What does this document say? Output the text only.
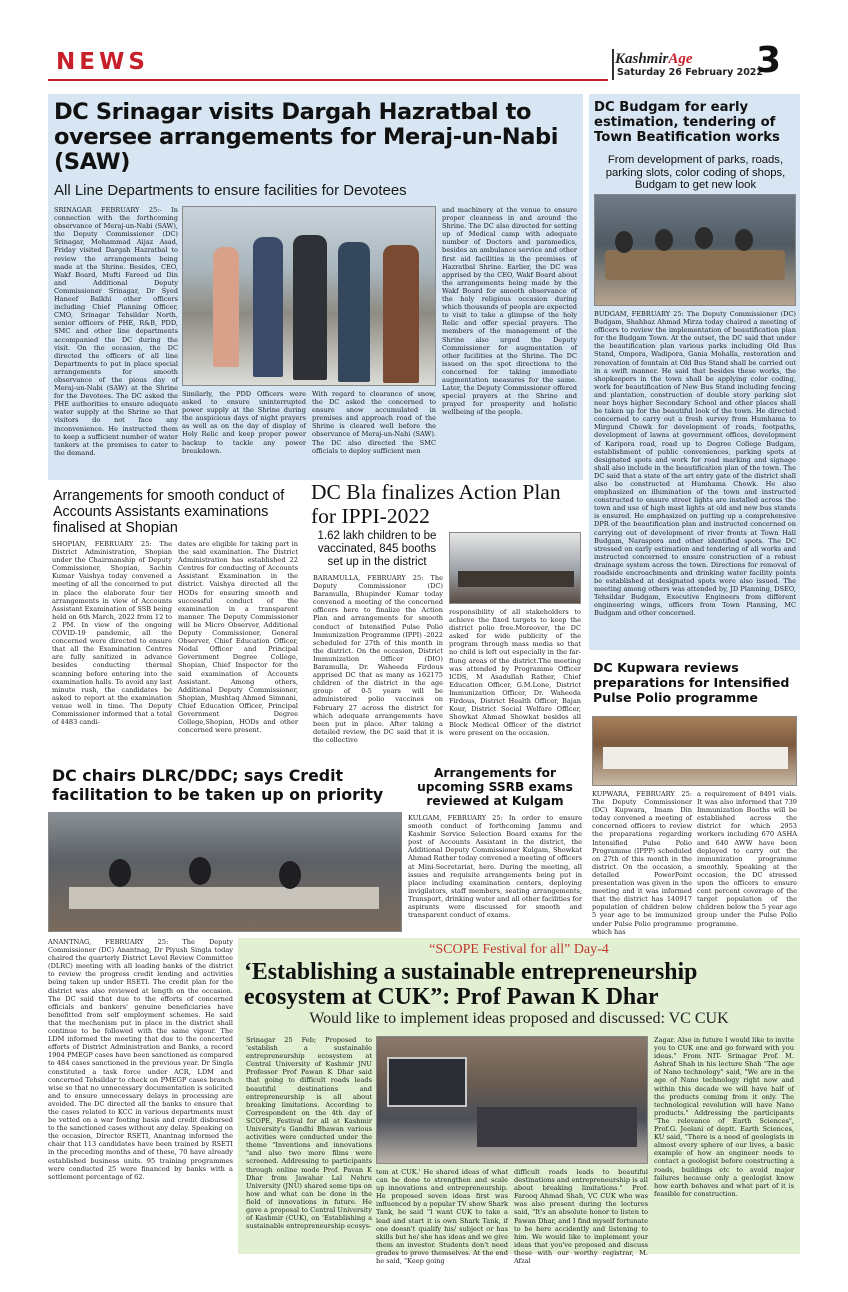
NEWS	KashmirAge
Saturday 26 February 2022
3
DC Srinagar visits Dargah Hazratbal to oversee arrangements for Meraj-un-Nabi (SAW)
All Line Departments to ensure facilities for Devotees
SRINAGAR FEBRUARY 25:- In connection with the forthcoming observance of Meraj-un-Nabi (SAW), the Deputy Commissioner (DC) Srinagar, Mohammad Aijaz Asad, Friday visited Dargah Hazratbal to review the arrangements being made at the Shrine. Besides, CEO, Wakf Board, Mufti Fareed ud Din and Additional Deputy Commissioner Srinagar, Dr Syed Haneef Balkhi other officers including Chief Planning Officer, CMO, Srinagar Tehsildar North, senior officers of PHE, R&B, PDD, SMC and other line departments accompanied the DC during the visit. On the occasion, the DC directed the officers of all line Departments to put in place special arrangements for smooth observance of the pious day of Meraj-un-Nabi (SAW) at the Shrine for the Devotees. The DC asked the PHE authorities to ensure adequate water supply at the Shrine so that visitors do not face any inconvenience. He instructed them to keep a sufficient number of water tankers at the premises to cater to the demand.
Similarly, the PDD Officers were asked to ensure uninterrupted power supply at the Shrine during the auspicious days of night prayers as well as on the day of display of Holy Relic and keep proper power backup to tackle any power breakdown.
With regard to clearance of snow, the DC asked the concerned to ensure snow accumulated in premises and approach road of the Shrine is cleared well before the observance of Meraj-un-Nabi (SAW). The DC also directed the SMC officials to deploy sufficient men
and machinery at the venue to ensure proper cleanness in and around the Shrine. The DC also directed for setting up of Medical camp with adequate number of Doctors and paramedics, besides an ambulance service and other first aid facilities in the premises of Hazratbal Shrine. Earlier, the DC was apprised by the CEO, Wakf Board about the arrangements being made by the Wakf Board for smooth observance of the holy religious occasion during which thousands of people are expected to visit to take a glimpse of the holy Relic and offer special prayers. The members of the management of the Shrine also urged the Deputy Commissioner for augmentation of other facilities at the Shrine. The DC issued on the spot directions to the concerned for taking immediate augmentation measures for the same. Later, the Deputy Commissioner offered special prayers at the Shrine and prayed for prosperity and holistic wellbeing of the people.
DC Budgam for early estimation, tendering of Town Beatification works
From development of parks, roads, parking slots, color coding of shops, Budgam to get new look
BUDGAM, FEBRUARY 25: The Deputy Commissioner (DC) Budgam, Shahbaz Ahmad Mirza today chaired a meeting of officers to review the implementation of beautification plan for the Budgam Town. At the outset, the DC said that under the beautification plan various parks including Old Bus Stand, Ompora, Wadipora, Gania Mohalla, restoration and renovation of fountain at Old Bus Stand shall be carried out in a swift manner. He said that besides these works, the shopkeepers in the town shall be applying color coding, work for beautification of New Bus Stand including fencing and plantation, construction of double story parking slot near boys higher Secondary School and other places shall be taken up for the beautiful look of the town. He directed concerned to carry out a fresh survey from Humhama to Mirgund Chowk for development of roads, footpaths, development of lawns at government offices, development of Karipora road, road up to Degree College Budgam, establishment of public conveniences, parking spots at designated spots and work for road marking and signage shall also include in the beautification plan of the town. The DC said that a state of the art entry gate of the district shall also be constructed at Humhama Chowk. He also emphasized on illumination of the town and instructed constructed to ensure street lights are installed across the town and use of high mast lights at old and new bus stands is ensured. He emphasized on putting up a comprehensive DPR of the beautification plan and instructed concerned on carrying out of development of river fronts at Town Hall Budgam, Naraspora and other identified spots. The DC stressed on early estimation and tendering of all works and instructed concerned to ensure construction of a robust drainage system across the town. Directions for removal of roadside encroachments and drinking water facility points be established at designated spots were also issued. The meeting among others was attended by, JD Planning, DSEO, Tehsildar Budgam, Executive Engineers from different engineering wings, officers from Town Planning, MC Budgam and other concerned.
Arrangements for smooth conduct of Accounts Assistants examinations finalised at Shopian
SHOPIAN, FEBRUARY 25: The District Administration, Shopian under the Chairmanship of Deputy Commissioner, Shopian, Sachin Kumar Vaishya today convened a meeting of all the concerned to put in place the elaborate four tier arrangements in view of Accounts Assistant Examination of SSB being held on 6th March, 2022 from 12 to 2 PM. In view of the ongoing COVID-19 pandemic, all the concerned were directed to ensure that all the Examination Centres are fully sanitized in advance besides conducting thermal scanning before entering into the examination halls. To avoid any last minute rush, the candidates be asked to report at the examination venue well in time. The Deputy Commissioner informed that a total of 4483 candi-
dates are eligible for taking part in the said examination. The District Administration has established 22 Centres for conducting of Accounts Assistant Examination in the district. Vaishya directed all the HODs for ensuring smooth and successful conduct of the examination in a transparent manner. The Deputy Commissioner will be Micro Observer, Additional Deputy Commissioner, General Observer, Chief Education Officer, Nodal Officer and Principal Government Degree College, Shopian, Chief Inspector for the said examination of Accounts Assistant. Among others, Additional Deputy Commissioner, Shopian, Mushtaq Ahmed Simnani, Chief Education Officer, Principal Government Degree College,Shopian, HODs and other concerned were present.
DC Bla finalizes Action Plan for IPPI-2022
1.62 lakh children to be vaccinated, 845 booths set up in the district
BARAMULLA, FEBRUARY 25: The Deputy Commissioner (DC) Baramulla, Bhupinder Kumar today convened a meeting of the concerned officers here to finalize the Action Plan and arrangements for smooth conduct of Intensified Pulse Polio Immunization Programme (IPPI) -2022 scheduled for 27th of this month in the district. On the occasion, District Immunization Officer (DIO) Baramulla, Dr. Waheeda Firdous apprised DC that as many as 162175 children of the district in the age group of 0-5 years will be administered polio vaccines on February 27 across the district for which adequate arrangements have been put in place. After taking a detailed review, the DC said that it is the collective
responsibility of all stakeholders to achieve the fixed targets to keep the district polio free.Moreover, the DC asked for wide publicity of the program through mass media so that no child is left out especially in the far-flung areas of the district.The meeting was attended by Programme Officer ICDS, M Asadullah Rather, Chief Education Officer, G.M.Lone, District Immunization Officer, Dr. Waheeda Firdous, District Health Officer, Bajan Kour, District Social Welfare Officer, Showkat Ahmad Showkat besides all Block Medical Officer of the district were present on the occasion.
DC Kupwara reviews preparations for Intensified Pulse Polio programme
KUPWARA, FEBRUARY 25: The Deputy Commissioner (DC) Kupwara, Imam Din today convened a meeting of concerned officers to review the preparations regarding Intensified Pulse Polio Programme (IPPP) scheduled on 27th of this month in the district. On the occasion, a detailed PowerPoint presentation was given in the meeting and it was informed that the district has 140917 population of children below 5 year age to be immunized under Pulse Polio programme which has
a requirement of 8491 vials. It was also informed that 739 Immunization Booths will be established across the district for which 2953 workers including 670 ASHA and 640 AWW have been deployed to carry out the immunization programme smoothly. Speaking at the occasion, the DC stressed upon the officers to ensure cent percent coverage of the target population of the children below the 5 year age group under the Pulse Polio programme.
DC chairs DLRC/DDC; says Credit facilitation to be taken up on priority
Arrangements for upcoming SSRB exams reviewed at Kulgam
KULGAM, FEBRUARY 25: In order to ensure smooth conduct of forthcoming Jammu and Kashmir Service Selection Board exams for the post of Accounts Assistant in the district, the Additional Deputy Commissioner Kulgam, Showkat Ahmad Rather today convened a meeting of officers at Mini-Secretariat, here. During the meeting, all issues and requisite arrangements being put in place including examination centers, deploying invigilators, staff members, seating arrangements, Transport, drinking water and all other facilities for aspirants were discussed for smooth and transparent conduct of exams.
ANANTNAG, FEBRUARY 25: The Deputy Commissioner (DC) Anantnag, Dr Piyush Singla today chaired the quarterly District Level Review Committee (DLRC) meeting with all leading banks of the district to review the progress credit lending and activities being taken up under RSETI. The credit plan for the district was also reviewed at length on the occasion. The DC said that due to the efforts of concerned officials and bankers' genuine beneficiaries have benefitted from self employment schemes. He said that the mechanism put in place in the district shall continue to be followed with the same vigour. The LDM informed the meeting that due to the concerted efforts of District Administration and Banks, a record 1904 PMEGP cases have been sanctioned as compared to 484 cases sanctioned in the previous year. Dr Singla constituted a task force under ACR, LDM and concerned Tehsildar to check on PMEGP cases branch wise so that no unnecessary documentation is solicited and to ensure unnecessary delays in processing are avoided. The DC directed all the banks to ensure that the cases related to KCC in various departments must be vetted on a war footing basis and credit disbursed to the sanctioned cases without any delay. Speaking on the occasion, Director RSETI, Anantnag informed the chair that 113 candidates have been trained by RSETI in the preceding months and of these, 70 have already established business units. 95 training programmes were conducted 25 were financed by banks with a settlement percentage of 62.
“SCOPE Festival for all” Day-4
‘Establishing a sustainable entrepreneurship ecosystem at CUK”: Prof Pawan K Dhar
Would like to implement ideas proposed and discussed: VC CUK
Srinagar 25 Feb; Proposed to 'establish a sustainable entrepreneurship ecosystem at Central University of Kashmir JNU Professor Prof Pawan K Dhar said that going to difficult roads leads beautiful destinations and entrepreneurship is all about breaking limitations. According to Correspondent on the 4th day of SCOPE, Festival for all at Kashmir University's Gandhi Bhawan various activities were conducted under the theme "Inventions and innovations "and also two more films were screened. Addressing to participants through online mode Prof. Pavan K Dhar from Jawahar Lal Nehru University (JNU) shared some tips on how and what can be done in the field of innovations in future. He gave a proposal to Central University of Kashmir (CUK), on 'Establishing a sustainable entrepreneurship ecosys-
tem at CUK.' He shared ideas of what can be done to strengthen and scale up innovations and entrepreneurship. He proposed seven ideas first was influenced by a popular TV show Shark Tank, he said "I want CUK to take a lead and start it is own Shark Tank, if one doesn't qualify his/ subject or has skills but he/ she has ideas and we give them an investor. Students don't need grades to prove themselves. At the end he said, "Keep going
difficult roads leads to beautiful destinations and entrepreneurship is all about breaking limitations." Prof. Farooq Ahmad Shah, VC CUK who was was also present during the lectures said, "It's an absolute honor to listen to Pawan Dhar, and I find myself fortunate to be here accidently and listening to him. We would like to implement your ideas that you've proposed and discuss these with our worthy registrar, M. Afzal
Zagar. Also in future I would like to invite you to CUK one and go forward with you ideas." From NIT- Srinagar Prof. M. Ashraf Shah in his lecture Shah "The age of Nano technology" said, "We are in the age of Nano technology right now and within this decade we will have half of the products coming from it only. The technological revolution will have Nano products." Addressing the participants "The relevance of Earth Sciences", Prof.G. Jeelani of deptt. Earth Sciences, KU said, "There is a need of geologists in almost every sphere of our lives, a basic example of how an engineer needs to contact a geologist before constructing a roads, buildings etc to avoid major failures because only a geologist know how earth behaves and what part of it is feasible for construction.
